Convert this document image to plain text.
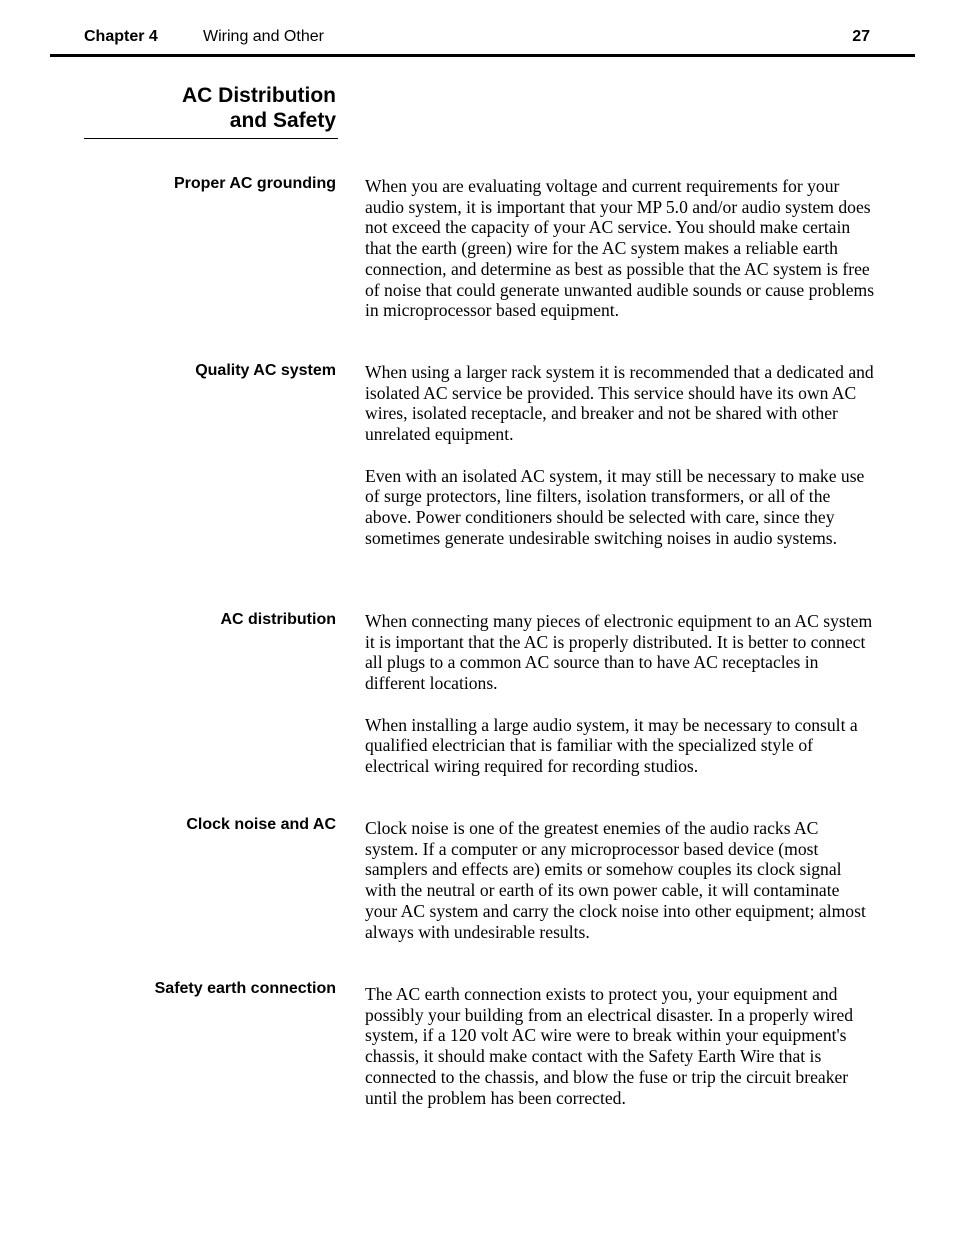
Chapter 4	Wiring and Other	27
AC Distribution
and Safety
Proper AC grounding When you are evaluating voltage and current requirements for your audio system, it is important that your MP 5.0 and/or audio system does not exceed the capacity of your AC service. You should make certain that the earth (green) wire for the AC system makes a reliable earth connection, and determine as best as possible that the AC system is free of noise that could generate unwanted audible sounds or cause problems in microprocessor based equipment.

Quality AC system When using a larger rack system it is recommended that a dedicated and isolated AC service be provided. This service should have its own AC wires, isolated receptacle, and breaker and not be shared with other unrelated equipment.

Even with an isolated AC system, it may still be necessary to make use of surge protectors, line filters, isolation transformers, or all of the above. Power conditioners should be selected with care, since they sometimes generate undesirable switching noises in audio systems.

AC distribution When connecting many pieces of electronic equipment to an AC system it is important that the AC is properly distributed. It is better to connect all plugs to a common AC source than to have AC receptacles in different locations.

When installing a large audio system, it may be necessary to consult a qualified electrician that is familiar with the specialized style of electrical wiring required for recording studios.

Clock noise and AC Clock noise is one of the greatest enemies of the audio racks AC system. If a computer or any microprocessor based device (most samplers and effects are) emits or somehow couples its clock signal with the neutral or earth of its own power cable, it will contaminate your AC system and carry the clock noise into other equipment; almost always with undesirable results.

Safety earth connection The AC earth connection exists to protect you, your equipment and possibly your building from an electrical disaster. In a properly wired system, if a 120 volt AC wire were to break within your equipment's chassis, it should make contact with the Safety Earth Wire that is connected to the chassis, and blow the fuse or trip the circuit breaker until the problem has been corrected.
